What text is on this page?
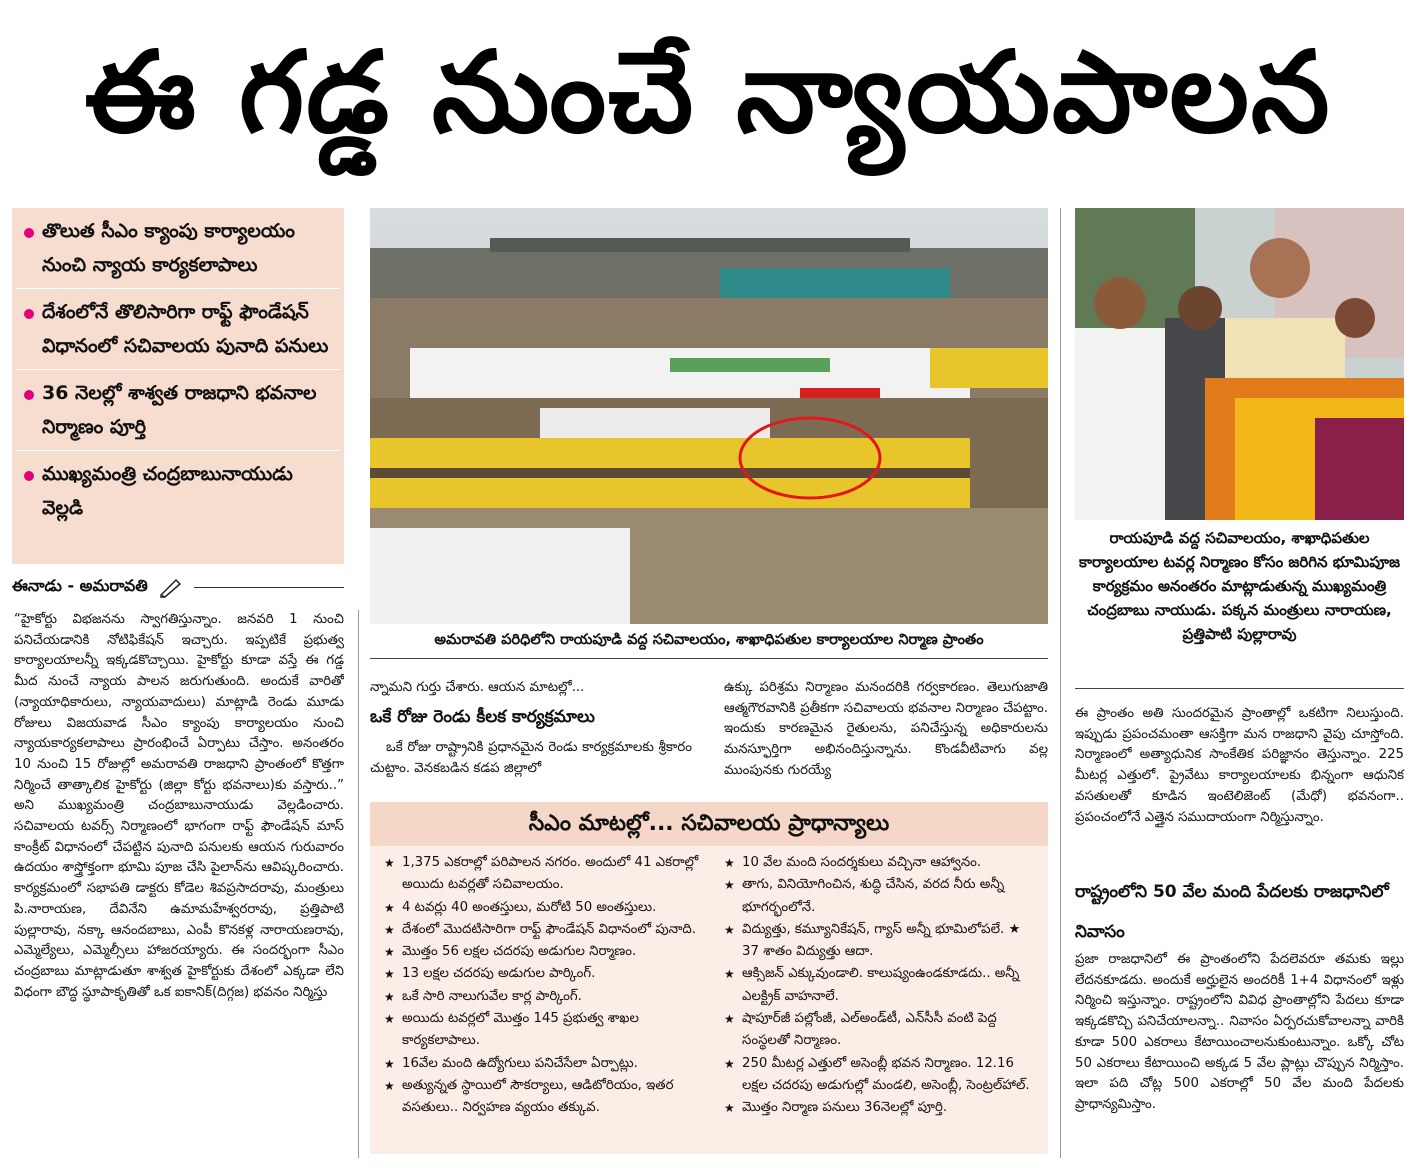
ఈ గడ్డ నుంచే న్యాయపాలన
తొలుత సీఎం క్యాంపు కార్యాలయం నుంచి న్యాయ కార్యకలాపాలు
దేశంలోనే తొలిసారిగా రాఫ్ట్ ఫౌండేషన్ విధానంలో సచివాలయ పునాది పనులు
36 నెలల్లో శాశ్వత రాజధాని భవనాల నిర్మాణం పూర్తి
ముఖ్యమంత్రి చంద్రబాబునాయుడు వెల్లడి
ఈనాడు - అమరావతి
“హైకోర్టు విభజనను స్వాగతిస్తున్నాం. జనవరి 1 నుంచి పనిచేయడానికి నోటిఫికేషన్ ఇచ్చారు. ఇప్పటికే ప్రభుత్వ కార్యాలయాలన్నీ ఇక్కడకొచ్చాయి. హైకోర్టు కూడా వస్తే ఈ గడ్డ మీద నుంచే న్యాయ పాలన జరుగుతుంది. అందుకే వారితో (న్యాయాధికారులు, న్యాయవాదులు) మాట్లాడి రెండు మూడు రోజులు విజయవాడ సీఎం క్యాంపు కార్యాలయం నుంచి న్యాయకార్యకలాపాలు ప్రారంభించే ఏర్పాటు చేస్తాం. అనంతరం 10 నుంచి 15 రోజుల్లో అమరావతి రాజధాని ప్రాంతంలో కొత్తగా నిర్మించే తాత్కాలిక హైకోర్టు (జిల్లా కోర్టు భవనాలు)కు వస్తారు..” అని ముఖ్యమంత్రి చంద్రబాబునాయుడు వెల్లడించారు. సచివాలయ టవర్స్ నిర్మాణంలో భాగంగా రాఫ్ట్ ఫౌండేషన్ మాస్ కాంక్రీట్ విధానంలో చేపట్టిన పునాది పనులకు ఆయన గురువారం ఉదయం శాస్త్రోక్తంగా భూమి పూజ చేసి పైలాన్‌ను ఆవిష్కరించారు. కార్యక్రమంలో సభాపతి డాక్టరు కోడెల శివప్రసాదరావు, మంత్రులు పి.నారాయణ, దేవినేని ఉమామహేశ్వరరావు, ప్రత్తిపాటి పుల్లారావు, నక్కా ఆనందబాబు, ఎంపీ కొనకళ్ల నారాయణరావు, ఎమ్మెల్యేలు, ఎమ్మెల్సీలు హాజరయ్యారు. ఈ సందర్భంగా సీఎం చంద్రబాబు మాట్లాడుతూ శాశ్వత హైకోర్టుకు దేశంలో ఎక్కడా లేని విధంగా బౌద్ధ స్థూపాకృతితో ఒక ఐకానిక్(దిగ్గజ) భవనం నిర్మిస్తు
అమరావతి పరిధిలోని రాయపూడి వద్ద సచివాలయం, శాఖాధిపతుల కార్యాలయాల నిర్మాణ ప్రాంతం
న్నామని గుర్తు చేశారు. ఆయన మాటల్లో...
ఒకే రోజు రెండు కీలక కార్యక్రమాలు
ఒకే రోజు రాష్ట్రానికి ప్రధానమైన రెండు కార్యక్రమాలకు శ్రీకారం చుట్టాం. వెనకబడిన కడప జిల్లాలో
ఉక్కు పరిశ్రమ నిర్మాణం మనందరికి గర్వకారణం. తెలుగుజాతి ఆత్మగౌరవానికి ప్రతీకగా సచివాలయ భవనాల నిర్మాణం చేపట్టాం. ఇందుకు కారణమైన రైతులను, పనిచేస్తున్న అధికారులను మనస్ఫూర్తిగా అభినందిస్తున్నాను. కొండవీటివాగు వల్ల ముంపునకు గురయ్యే
సీఎం మాటల్లో... సచివాలయ ప్రాధాన్యాలు
★ 1,375 ఎకరాల్లో పరిపాలన నగరం. అందులో 41 ఎకరాల్లో అయిదు టవర్లతో సచివాలయం.
★ 4 టవర్లు 40 అంతస్తులు, మరోటి 50 అంతస్తులు.
★ దేశంలో మొదటిసారిగా రాఫ్ట్ ఫౌండేషన్ విధానంలో పునాది.
★ మొత్తం 56 లక్షల చదరపు అడుగుల నిర్మాణం.
★ 13 లక్షల చదరపు అడుగుల పార్కింగ్.
★ ఒకే సారి నాలుగువేల కార్ల పార్కింగ్.
★ అయిదు టవర్లలో మొత్తం 145 ప్రభుత్వ శాఖల కార్యకలాపాలు.
★ 16వేల మంది ఉద్యోగులు పనిచేసేలా ఏర్పాట్లు.
★ అత్యున్నత స్థాయిలో సౌకర్యాలు, ఆడిటోరియం, ఇతర వసతులు.. నిర్వహణ వ్యయం తక్కువ.
★ 10 వేల మంది సందర్శకులు వచ్చినా ఆహ్వానం.
★ తాగు, వినియోగించిన, శుద్ధి చేసిన, వరద నీరు అన్నీ భూగర్భంలోనే.
★ విద్యుత్తు, కమ్యూనికేషన్, గ్యాస్ అన్నీ భూమిలోపలే. ★ 37 శాతం విద్యుత్తు ఆదా.
★ ఆక్సిజన్ ఎక్కువుండాలి. కాలుష్యంఉండకూడదు.. అన్నీ ఎలక్ట్రిక్ వాహనాలే.
★ షాపూర్‌జీ పల్లోంజీ, ఎల్అండ్‌టీ, ఎన్‌సీసీ వంటి పెద్ద సంస్థలతో నిర్మాణం.
★ 250 మీటర్ల ఎత్తులో అసెంబ్లీ భవన నిర్మాణం. 12.16 లక్షల చదరపు అడుగుల్లో మండలి, అసెంబ్లీ, సెంట్రల్‌హాల్.
★ మొత్తం నిర్మాణ పనులు 36నెలల్లో పూర్తి.
రాయపూడి వద్ద సచివాలయం, శాఖాధిపతుల కార్యాలయాల టవర్ల నిర్మాణం కోసం జరిగిన భూమిపూజ కార్యక్రమం అనంతరం మాట్లాడుతున్న ముఖ్యమంత్రి చంద్రబాబు నాయుడు. పక్కన మంత్రులు నారాయణ, ప్రత్తిపాటి పుల్లారావు
ఈ ప్రాంతం అతి సుందరమైన ప్రాంతాల్లో ఒకటిగా నిలుస్తుంది. ఇప్పుడు ప్రపంచమంతా ఆసక్తిగా మన రాజధాని వైపు చూస్తోంది. నిర్మాణంలో అత్యాధునిక సాంకేతిక పరిజ్ఞానం తెస్తున్నాం. 225 మీటర్ల ఎత్తులో. ప్రైవేటు కార్యాలయాలకు భిన్నంగా ఆధునిక వసతులతో కూడిన ఇంటెలిజెంట్ (మేధో) భవనంగా.. ప్రపంచంలోనే ఎత్తైన సముదాయంగా నిర్మిస్తున్నాం.
రాష్ట్రంలోని 50 వేల మంది పేదలకు రాజధానిలో నివాసం
ప్రజా రాజధానిలో ఈ ప్రాంతంలోని పేదలెవరూ తమకు ఇల్లు లేదనకూడదు. అందుకే అర్హులైన అందరికీ 1+4 విధానంలో ఇళ్లు నిర్మించి ఇస్తున్నాం. రాష్ట్రంలోని వివిధ ప్రాంతాల్లోని పేదలు కూడా ఇక్కడకొచ్చి పనిచేయాలన్నా.. నివాసం ఏర్పరచుకోవాలన్నా వారికి కూడా 500 ఎకరాలు కేటాయించాలనుకుంటున్నాం. ఒక్కో చోట 50 ఎకరాలు కేటాయించి అక్కడ 5 వేల ప్లాట్లు చొప్పున నిర్మిస్తాం. ఇలా పది చోట్ల 500 ఎకరాల్లో 50 వేల మంది పేదలకు ప్రాధాన్యమిస్తాం.
